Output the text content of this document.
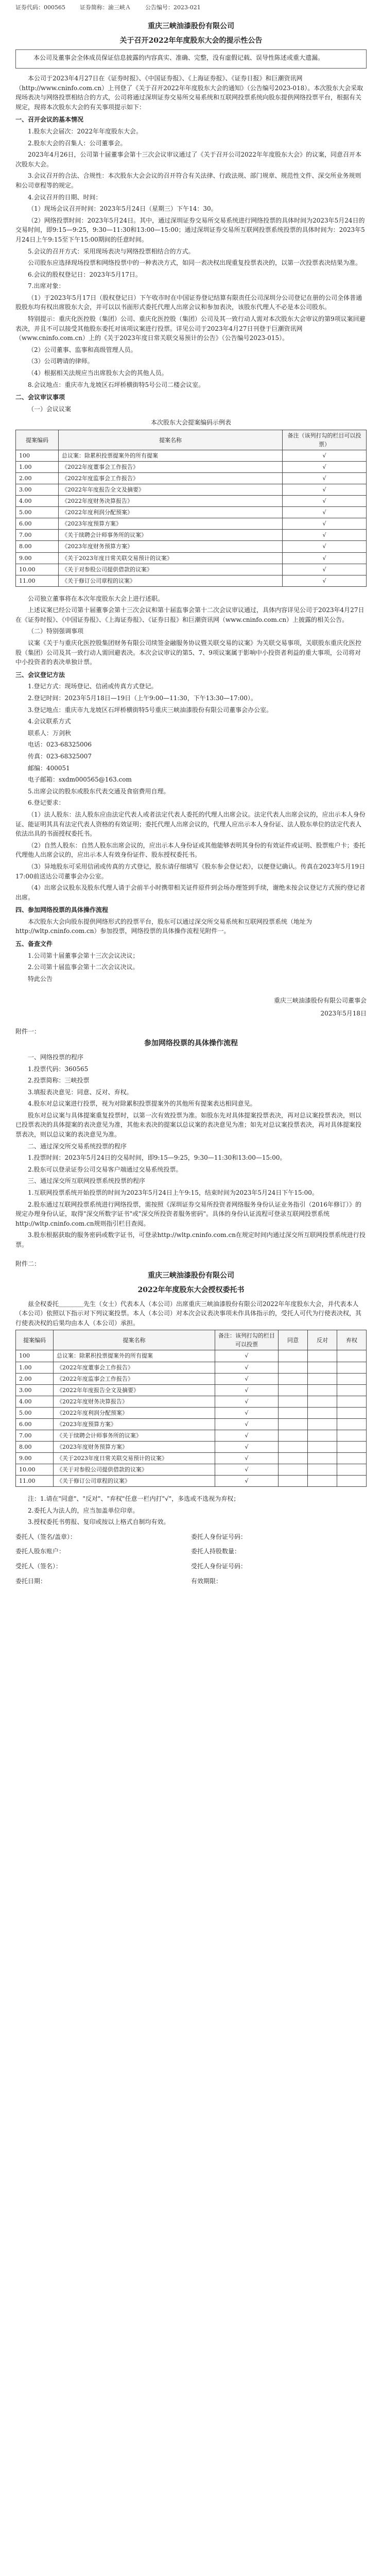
证券代码：000565	证券简称：渝三峡Ａ	公告编号：2023-021
重庆三峡油漆股份有限公司
关于召开2022年年度股东大会的提示性公告

本公司及董事会全体成员保证信息披露的内容真实、准确、完整，没有虚假记载、误导性陈述或重大遗漏。

本公司于2023年4月27日在《证券时报》、《中国证券报》、《上海证券报》、《证券日报》和巨潮资讯网（http://www.cninfo.com.cn）上刊登了《关于召开2022年年度股东大会的通知》（公告编号2023-018）。本次股东大会采取现场表决与网络投票相结合的方式，公司将通过深圳证券交易所交易系统和互联网投票系统向股东提供网络投票平台，根据有关规定，现将本次股东大会的有关事项提示如下：

一、召开会议的基本情况

1.股东大会届次：2022年年度股东大会。

2.股东大会的召集人：公司董事会。

2023年4月26日，公司第十届董事会第十三次会议审议通过了《关于召开公司2022年年度股东大会》的议案，同意召开本次股东大会。

3.会议召开的合法、合规性：本次股东大会会议的召开符合有关法律、行政法规、部门规章、规范性文件、深交所业务规则和公司章程等的规定。

4.会议召开的日期、时间：

（1）现场会议召开时间：2023年5月24日（星期三）下午14：30。

（2）网络投票时间：2023年5月24日。其中，通过深圳证券交易所交易系统进行网络投票的具体时间为2023年5月24日的交易时间，即9:15—9:25，9:30—11:30和13:00—15:00；通过深圳证券交易所互联网投票系统投票的具体时间为：2023年5月24日上午9:15至下午15:00期间的任意时间。

5.会议的召开方式：采用现场表决与网络投票相结合的方式。

公司股东应选择现场投票和网络投票中的一种表决方式，如同一表决权出现重复投票表决的，以第一次投票表决结果为准。

6.会议的股权登记日：2023年5月17日。

7.出席对象：

（1）于2023年5月17日（股权登记日）下午收市时在中国证券登记结算有限责任公司深圳分公司登记在册的公司全体普通股股东均有权出席股东大会，并可以以书面形式委托代理人出席会议和参加表决，该股东代理人不必是本公司股东。

特别提示：重庆化医控股（集团）公司、重庆化医控股（集团）公司及其一致行动人需对本次股东大会审议的第9项议案回避表决，并且不可以接受其他股东委托对该项议案进行投票。详见公司于2023年4月27日刊登于巨潮资讯网（www.cninfo.com.cn）上的《关于2023年度日常关联交易预计的公告》（公告编号2023-015）。

（2）公司董事、监事和高级管理人员。

（3）公司聘请的律师。

（4）根据相关法规应当出席股东大会的其他人员。

8.会议地点：重庆市九龙坡区石坪桥横街特5号公司二楼会议室。

二、会议审议事项

（一）会议议案

本次股东大会提案编码示例表
提案编码	提案名称	备注（该列打勾的栏目可以投票）
100	总议案：除累积投票提案外的所有提案	√
1.00	《2022年度董事会工作报告》	√
2.00	《2022年度监事会工作报告》	√
3.00	《2022年年度报告全文及摘要》	√
4.00	《2022年度财务决算报告》	√
5.00	《2022年度利润分配预案》	√
6.00	《2023年度预算方案》	√
7.00	《关于续聘会计师事务所的议案》	√
8.00	《2023年度财务预算方案》	√
9.00	《关于2023年度日常关联交易预计的议案》	√
10.00	《关于对参股公司提供借款的议案》	√
11.00	《关于修订公司章程的议案》	√

公司独立董事将在本次年度股东大会上进行述职。

上述议案已经公司第十届董事会第十三次会议和第十届监事会第十二次会议审议通过，具体内容详见公司于2023年4月27日在《证券时报》、《中国证券报》、《上海证券报》、《证券日报》和巨潮资讯网（www.cninfo.com.cn）上披露的相关公告。

（二）特别强调事项

议案《关于与重庆化医控股集团财务有限公司续签金融服务协议暨关联交易的议案》为关联交易事项，关联股东重庆化医控股（集团）公司及其一致行动人需回避表决。本次会议审议的第5、7、9项议案属于影响中小投资者利益的重大事项，公司将对中小投资者的表决单独计票。

三、会议登记方法

1.登记方式：现场登记、信函或传真方式登记。

2.登记时间：2023年5月18日—19日（上午9:00—11:30，下午13:30—17:00）。

3.登记地点：重庆市九龙坡区石坪桥横街特5号重庆三峡油漆股份有限公司董事会办公室。

4.会议联系方式

联系人：万剑秋

电话：023-68325006

传真：023-68325007

邮编：400051

电子邮箱：sxdm000565@163.com

5.出席会议的股东或股东代表交通及食宿费用自理。

6.登记要求：

（1）法人股东：法人股东应由法定代表人或者法定代表人委托的代理人出席会议。法定代表人出席会议的，应出示本人身份证、能证明其具有法定代表人资格的有效证明；委托代理人出席会议的，代理人应出示本人身份证、法人股东单位的法定代表人依法出具的书面授权委托书。

（2）自然人股东：自然人股东出席会议的，应出示本人身份证或其他能够表明其身份的有效证件或证明、股票账户卡；委托代理他人出席会议的，应出示本人有效身份证件、股东授权委托书。

（3）异地股东可采用信函或传真的方式登记，股东请仔细填写《股东参会登记表》，以便登记确认。传真在2023年5月19日17:00前送达公司董事会办公室。

（4）出席会议股东及股东代理人请于会前半小时携带相关证件原件到会场办理签到手续，谢绝未按会议登记方式预约登记者出席。

四、参加网络投票的具体操作流程

本次股东大会向股东提供网络形式的投票平台，股东可以通过深交所交易系统和互联网投票系统（地址为http://wltp.cninfo.com.cn）参加投票，网络投票的具体操作流程见附件一。

五、备查文件

1.公司第十届董事会第十三次会议决议；

2.公司第十届监事会第十二次会议决议。

特此公告

重庆三峡油漆股份有限公司董事会
2023年5月18日

附件一：

参加网络投票的具体操作流程

一、网络投票的程序

1.投票代码：360565

2.投票简称：三峡投票

3.填报表决意见：同意、反对、弃权。

4.股东对总议案进行投票，视为对除累积投票提案外的其他所有提案表达相同意见。

股东对总议案与具体提案重复投票时，以第一次有效投票为准。如股东先对具体提案投票表决，再对总议案投票表决，则以已投票表决的具体提案的表决意见为准，其他未表决的提案以总议案的表决意见为准；如先对总议案投票表决，再对具体提案投票表决，则以总议案的表决意见为准。

二、通过深交所交易系统投票的程序

1.投票时间：2023年5月24日的交易时间，即9:15—9:25，9:30—11:30和13:00—15:00。

2.股东可以登录证券公司交易客户端通过交易系统投票。

三、通过深交所互联网投票系统投票的程序

1.互联网投票系统开始投票的时间为2023年5月24日上午9:15，结束时间为2023年5月24日下午15:00。

2.股东通过互联网投票系统进行网络投票，需按照《深圳证券交易所投资者网络服务身份认证业务指引（2016年修订）》的规定办理身份认证，取得"深交所数字证书"或"深交所投资者服务密码"。具体的身份认证流程可登录互联网投票系统http://wltp.cninfo.com.cn规则指引栏目查阅。

3.股东根据获取的服务密码或数字证书，可登录http://wltp.cninfo.com.cn在规定时间内通过深交所互联网投票系统进行投票。

附件二：

重庆三峡油漆股份有限公司
2022年年度股东大会授权委托书

兹全权委托＿＿＿＿先生（女士）代表本人（本公司）出席重庆三峡油漆股份有限公司2022年年度股东大会，并代表本人（本公司）依照以下指示对下列议案投票。本人（本公司）对本次会议表决事项未作具体指示的，受托人可代为行使表决权，其行使表决权的后果均由本人（本公司）承担。

提案编码	提案名称	备注：该列打勾的栏目可以投票	同意	反对	弃权
100	总议案：除累积投票提案外的所有提案	√			
1.00	《2022年度董事会工作报告》	√			
2.00	《2022年度监事会工作报告》	√			
3.00	《2022年年度报告全文及摘要》	√			
4.00	《2022年度财务决算报告》	√			
5.00	《2022年度利润分配预案》	√			
6.00	《2023年度预算方案》	√			
7.00	《关于续聘会计师事务所的议案》	√			
8.00	《2023年度财务预算方案》	√			
9.00	《关于2023年度日常关联交易预计的议案》	√			
10.00	《关于对参股公司提供借款的议案》	√			
11.00	《关于修订公司章程的议案》	√			

注：1.请在"同意"、"反对"、"弃权"任意一栏内打"√"，多选或不选视为弃权；

2.委托人为法人的，应当加盖单位印章。

3.授权委托书剪报、复印或按以上格式自制均有效。

委托人（签名/盖章）：	委托人身份证号码：
委托人股东账户：	委托人持股数量：
受托人（签名）：	受托人身份证号码：
委托日期：	有效期限：
